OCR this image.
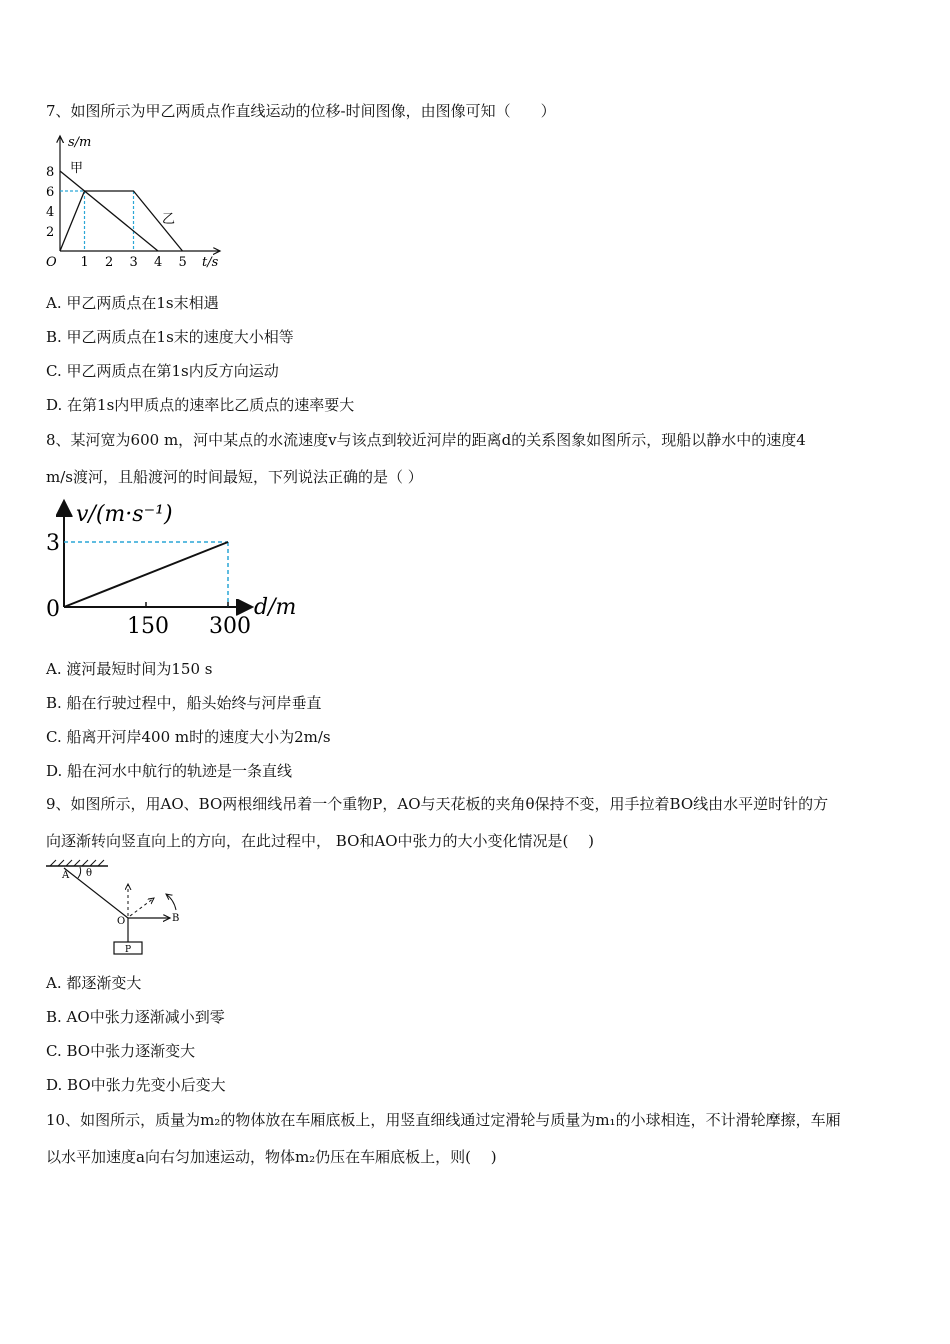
7、如图所示为甲乙两质点作直线运动的位移-时间图像，由图像可知（　　）
1 2 3 4 5
2
4
6
8
s/m
t/s
O
甲
乙
A. 甲乙两质点在1s末相遇
B. 甲乙两质点在1s末的速度大小相等
C. 甲乙两质点在第1s内反方向运动
D. 在第1s内甲质点的速率比乙质点的速率要大
8、某河宽为600 m，河中某点的水流速度v与该点到较近河岸的距离d的关系图象如图所示，现船以静水中的速度4
m/s渡河，且船渡河的时间最短，下列说法正确的是（ ）
150 300
3
v/(m·s⁻¹)
d/m
0
A. 渡河最短时间为150 s
B. 船在行驶过程中，船头始终与河岸垂直
C. 船离开河岸400 m时的速度大小为2m/s
D. 船在河水中航行的轨迹是一条直线
9、如图所示，用AO、BO两根细线吊着一个重物P，AO与天花板的夹角θ保持不变，用手拉着BO线由水平逆时针的方
向逐渐转向竖直向上的方向，在此过程中， BO和AO中张力的大小变化情况是(　 )
A θ
B
O
P
A. 都逐渐变大
B. AO中张力逐渐减小到零
C. BO中张力逐渐变大
D. BO中张力先变小后变大
10、如图所示，质量为m₂的物体放在车厢底板上，用竖直细线通过定滑轮与质量为m₁的小球相连，不计滑轮摩擦，车厢
以水平加速度a向右匀加速运动，物体m₂仍压在车厢底板上，则(　 )
